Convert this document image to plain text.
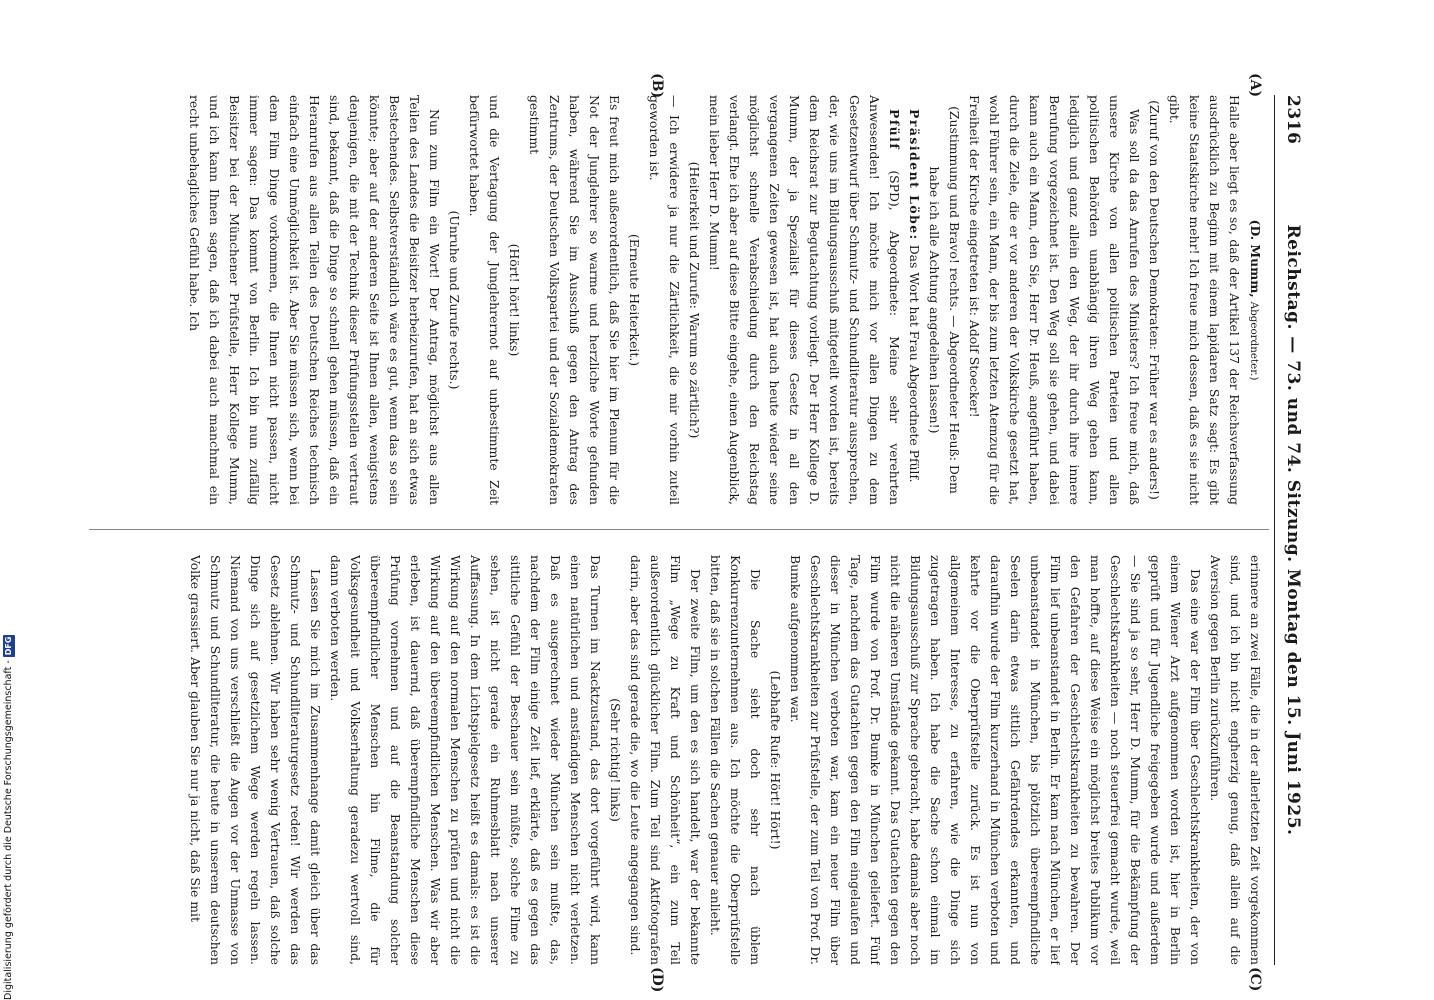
2316
Reichstag. — 73. und 74. Sitzung. Montag den 15. Juni 1925.
(A)
(B)
(C)
(D)

(D. Mumm, Abgeordneter.)

Halle aber liegt es so, daß der Artikel 137 der Reichsverfassung ausdrücklich zu Beginn mit einem lapidaren Satz sagt: Es gibt keine Staatskirche mehr! Ich freue mich dessen, daß es sie nicht gibt.

(Zuruf von den Deutschen Demokraten: Früher war es anders!)

Was soll da das Anrufen des Ministers? Ich freue mich, daß unsere Kirche von allen politischen Parteien und allen politischen Behörden unabhängig ihren Weg gehen kann, lediglich und ganz allein den Weg, der ihr durch ihre innere Berufung vorgezeichnet ist. Den Weg soll sie gehen, und dabei kann auch ein Mann, den Sie, Herr Dr. Heuß, angeführt haben, durch die Ziele, die er vor anderen der Volkskirche gesetzt hat, wohl Führer sein, ein Mann, der bis zum letzten Atemzug für die Freiheit der Kirche eingetreten ist: Adolf Stoecker!

(Zustimmung und Bravo! rechts. — Abgeordneter Heuß: Dem habe ich alle Achtung angedeihen lassen!)

Präsident Löbe: Das Wort hat Frau Abgeordnete Pfülf.

Pfülf (SPD), Abgeordnete: Meine sehr verehrten Anwesenden! Ich möchte mich vor allen Dingen zu dem Gesetzentwurf über Schmutz- und Schundliteratur aussprechen, der, wie uns im Bildungsausschuß mitgeteilt worden ist, bereits dem Reichsrat zur Begutachtung vorliegt. Der Herr Kollege D. Mumm, der ja Spezialist für dieses Gesetz in all den vergangenen Zeiten gewesen ist, hat auch heute wieder seine möglichst schnelle Verabschiedung durch den Reichstag verlangt. Ehe ich aber auf diese Bitte eingehe, einen Augenblick, mein lieber Herr D. Mumm!

(Heiterkeit und Zurufe: Warum so zärtlich?)

— Ich erwidere ja nur die Zärtlichkeit, die mir vorhin zuteil geworden ist.

(Erneute Heiterkeit.)

Es freut mich außerordentlich, daß Sie hier im Plenum für die Not der Junglehrer so warme und herzliche Worte gefunden haben, während Sie im Ausschuß gegen den Antrag des Zentrums, der Deutschen Volkspartei und der Sozialdemokraten gestimmt

(Hört! hört! links)

und die Vertagung der Junglehrernot auf unbestimmte Zeit befürwortet haben.

(Unruhe und Zurufe rechts.)

Nun zum Film ein Wort! Der Antrag, möglichst aus allen Teilen des Landes die Beisitzer herbeizurufen, hat an sich etwas Bestechendes. Selbstverständlich wäre es gut, wenn das so sein könnte; aber auf der anderen Seite ist Ihnen allen, wenigstens denjenigen, die mit der Technik dieser Prüfungsstellen vertraut sind, bekannt, daß die Dinge so schnell gehen müssen, daß ein Heranrufen aus allen Teilen des Deutschen Reiches technisch einfach eine Unmöglichkeit ist. Aber Sie müssen sich, wenn bei dem Film Dinge vorkommen, die Ihnen nicht passen, nicht immer sagen: Das kommt von Berlin. Ich bin nun zufällig Beisitzer bei der Münchener Prüfstelle, Herr Kollege Mumm, und ich kann Ihnen sagen, daß ich dabei auch manchmal ein recht unbehagliches Gefühl habe. Ich

erinnere an zwei Fälle, die in der allerletzten Zeit vorgekommen sind, und ich bin nicht engherzig genug, daß allein auf die Aversion gegen Berlin zurückzuführen.

Das eine war der Film über Geschlechtskrankheiten, der von einem Wiener Arzt aufgenommen worden ist, hier in Berlin geprüft und für Jugendliche freigegeben wurde und außerdem — Sie sind ja so sehr, Herr D. Mumm, für die Bekämpfung der Geschlechtskrankheiten — noch steuerfrei gemacht wurde, weil man hoffte, auf diese Weise ein möglichst breites Publikum vor den Gefahren der Geschlechtskrankheiten zu bewahren. Der Film lief unbeanstandet in Berlin. Er kam nach München, er lief unbeanstandet in München, bis plötzlich übereempfindliche Seelen darin etwas sittlich Gefährdendes erkannten, und daraufhin wurde der Film kurzerhand in München verboten und kehrte vor die Oberprüfstelle zurück. Es ist nun von allgemeinem Interesse, zu erfahren, wie die Dinge sich zugetragen haben. Ich habe die Sache schon einmal im Bildungsausschuß zur Sprache gebracht, habe damals aber noch nicht die näheren Umstände gekannt. Das Gutachten gegen den Film wurde von Prof. Dr. Bumke in München geliefert. Fünf Tage, nachdem das Gutachten gegen den Film eingelaufen und dieser in München verboten war, kam ein neuer Film über Geschlechtskrankheiten zur Prüfstelle, der zum Teil von Prof. Dr. Bumke aufgenommen war.

(Lebhafte Rufe: Hört! Hört!)

Die Sache sieht doch sehr nach üblem Konkurrenzunternehmen aus. Ich möchte die Oberprüfstelle bitten, daß sie in solchen Fällen die Sachen genauer anlieht.

Der zweite Film, um den es sich handelt, war der bekannte Film „Wege zu Kraft und Schönheit“, ein zum Teil außerordentlich glücklicher Film. Zum Teil sind Aktfotografen darin, aber das sind gerade die, wo die Leute angegangen sind.

(Sehr richtig! links)

Das Turnen im Nacktzustand, das dort vorgeführt wird, kann einen natürlichen und anständigen Menschen nicht verletzen. Daß es ausgerechnet wieder München sein mußte, das, nachdem der Film einige Zeit lief, erklärte, daß es gegen das sittliche Gefühl der Beschauer sein müßte, solche Filme zu sehen, ist nicht gerade ein Ruhmesblatt nach unserer Auffassung. In dem Lichtspielgesetz heißt es damals: es ist die Wirkung auf den normalen Menschen zu prüfen und nicht die Wirkung auf den übereempfindlichen Menschen. Was wir aber erleben, ist dauernd, daß überempfindliche Menschen diese Prüfung vornehmen und auf die Beanstandung solcher übereempfindlicher Menschen hin Filme, die für Volksgesundheit und Volkserhaltung geradezu wertvoll sind, dann verboten werden.

Lassen Sie mich im Zusammenhange damit gleich über das Schmutz- und Schundliteraturgesetz reden! Wir werden das Gesetz ablehnen. Wir haben sehr wenig Vertrauen, daß solche Dinge sich auf gesetzlichem Wege werden regeln lassen. Niemand von uns verschließt die Augen vor der Unmasse von Schmutz und Schundliteratur, die heute in unserem deutschen Volke grassiert. Aber glauben Sie nur ja nicht, daß Sie mit

Digitalisierung gefördert durch die Deutsche Forschungsgemeinschaft -DFG
